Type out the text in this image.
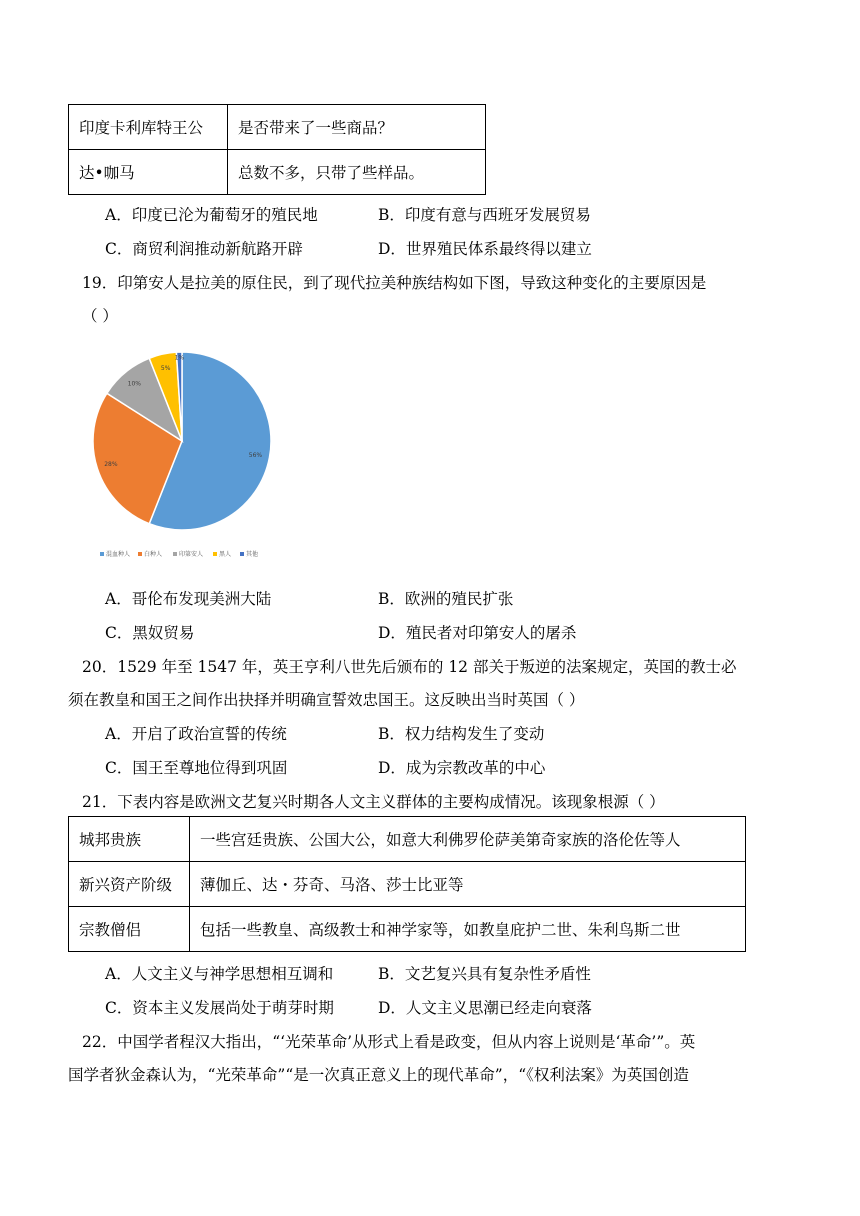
印度卡利库特王公	是否带来了一些商品？
达•咖马	总数不多，只带了些样品。
A．印度已沦为葡萄牙的殖民地	B．印度有意与西班牙发展贸易
C．商贸利润推动新航路开辟	D．世界殖民体系最终得以建立
19．印第安人是拉美的原住民，到了现代拉美种族结构如下图，导致这种变化的主要原因是
（ ）
56%
28%
10%
5%
1%
混血种人 白种人	印第安人	黑人 其他
A．哥伦布发现美洲大陆	B．欧洲的殖民扩张
C．黑奴贸易	D．殖民者对印第安人的屠杀
20．1529 年至 1547 年，英王亨利八世先后颁布的 12 部关于叛逆的法案规定，英国的教士必
须在教皇和国王之间作出抉择并明确宣誓效忠国王。这反映出当时英国（ ）
A．开启了政治宣誓的传统	B．权力结构发生了变动
C．国王至尊地位得到巩固	D．成为宗教改革的中心
21．下表内容是欧洲文艺复兴时期各人文主义群体的主要构成情况。该现象根源（ ）
城邦贵族	一些宫廷贵族、公国大公，如意大利佛罗伦萨美第奇家族的洛伦佐等人
新兴资产阶级	薄伽丘、达・芬奇、马洛、莎士比亚等
宗教僧侣	包括一些教皇、高级教士和神学家等，如教皇庇护二世、朱利鸟斯二世
A．人文主义与神学思想相互调和	B．文艺复兴具有复杂性矛盾性
C．资本主义发展尚处于萌芽时期	D．人文主义思潮已经走向衰落
22．中国学者程汉大指出，“‘光荣革命’从形式上看是政变，但从内容上说则是‘革命’”。英
国学者狄金森认为，“光荣革命”“是一次真正意义上的现代革命”，“《权利法案》为英国创造
